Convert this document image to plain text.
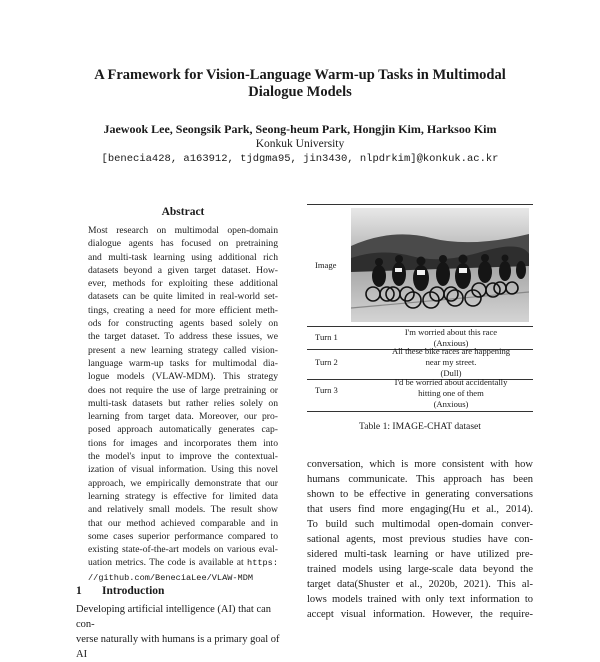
A Framework for Vision-Language Warm-up Tasks in Multimodal
Dialogue Models
Jaewook Lee, Seongsik Park, Seong-heum Park, Hongjin Kim, Harksoo Kim
Konkuk University
[benecia428, a163912, tjdgma95, jin3430, nlpdrkim]@konkuk.ac.kr
Abstract
Most research on multimodal open-domain
dialogue agents has focused on pretraining
and multi-task learning using additional rich
datasets beyond a given target dataset. How-
ever, methods for exploiting these additional
datasets can be quite limited in real-world set-
tings, creating a need for more efficient meth-
ods for constructing agents based solely on
the target dataset. To address these issues, we
present a new learning strategy called vision-
language warm-up tasks for multimodal dia-
logue models (VLAW-MDM). This strategy
does not require the use of large pretraining or
multi-task datasets but rather relies solely on
learning from target data. Moreover, our pro-
posed approach automatically generates cap-
tions for images and incorporates them into
the model's input to improve the contextual-
ization of visual information. Using this novel
approach, we empirically demonstrate that our
learning strategy is effective for limited data
and relatively small models. The result show
that our method achieved comparable and in
some cases superior performance compared to
existing state-of-the-art models on various eval-
uation metrics. The code is available at https:
//github.com/BeneciaLee/VLAW-MDM
1 Introduction
Developing artificial intelligence (AI) that can con-
verse naturally with humans is a primary goal of AI
Image
Turn 1	I'm worried about this race
(Anxious)
Turn 2
All these bike races are happening
near my street.
(Dull)
Turn 3
I'd be worried about accidentally
hitting one of them
(Anxious)
Table 1: IMAGE-CHAT dataset
conversation, which is more consistent with how
humans communicate. This approach has been
shown to be effective in generating conversations
that users find more engaging(Hu et al., 2014).
To build such multimodal open-domain conver-
sational agents, most previous studies have con-
sidered multi-task learning or have utilized pre-
trained models using large-scale data beyond the
target data(Shuster et al., 2020b, 2021). This al-
lows models trained with only text information to
accept visual information. However, the require-
